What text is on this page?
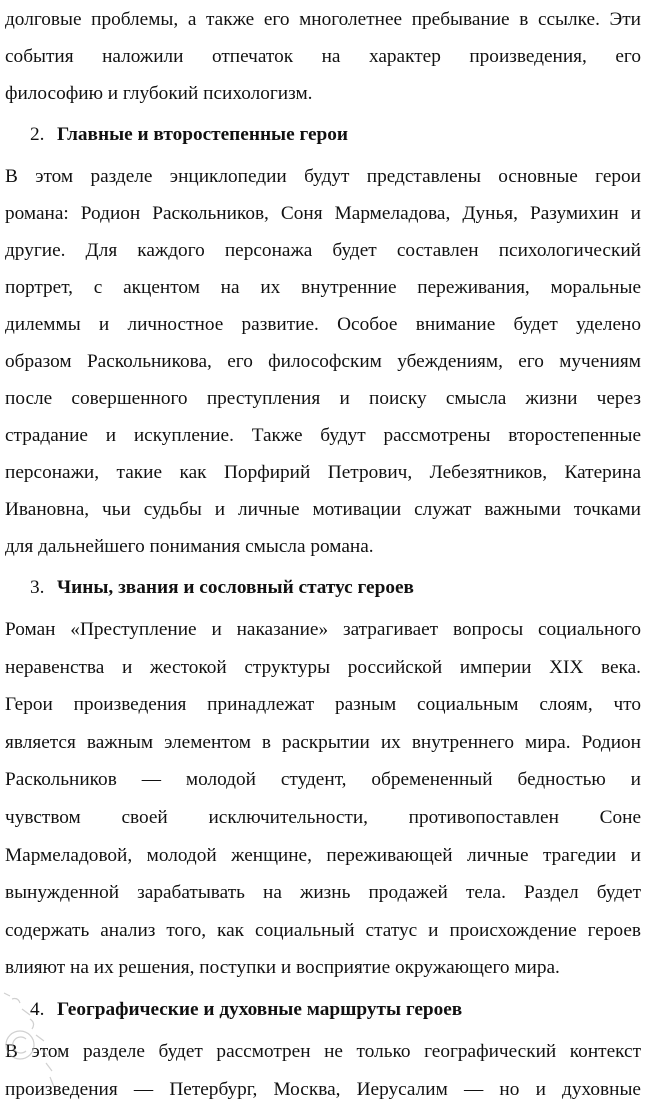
долговые проблемы, а также его многолетнее пребывание в ссылке. Эти
события наложили отпечаток на характер произведения, его
философию и глубокий психологизм.
2. Главные и второстепенные герои
В этом разделе энциклопедии будут представлены основные герои
романа: Родион Раскольников, Соня Мармеладова, Дунья, Разумихин и
другие. Для каждого персонажа будет составлен психологический
портрет, с акцентом на их внутренние переживания, моральные
дилеммы и личностное развитие. Особое внимание будет уделено
образом Раскольникова, его философским убеждениям, его мучениям
после совершенного преступления и поиску смысла жизни через
страдание и искупление. Также будут рассмотрены второстепенные
персонажи, такие как Порфирий Петрович, Лебезятников, Катерина
Ивановна, чьи судьбы и личные мотивации служат важными точками
для дальнейшего понимания смысла романа.
3. Чины, звания и сословный статус героев
Роман «Преступление и наказание» затрагивает вопросы социального
неравенства и жестокой структуры российской империи XIX века.
Герои произведения принадлежат разным социальным слоям, что
является важным элементом в раскрытии их внутреннего мира. Родион
Раскольников — молодой студент, обремененный бедностью и
чувством своей исключительности, противопоставлен Соне
Мармеладовой, молодой женщине, переживающей личные трагедии и
вынужденной зарабатывать на жизнь продажей тела. Раздел будет
содержать анализ того, как социальный статус и происхождение героев
влияют на их решения, поступки и восприятие окружающего мира.
4. Географические и духовные маршруты героев
В этом разделе будет рассмотрен не только географический контекст
произведения — Петербург, Москва, Иерусалим — но и духовные
